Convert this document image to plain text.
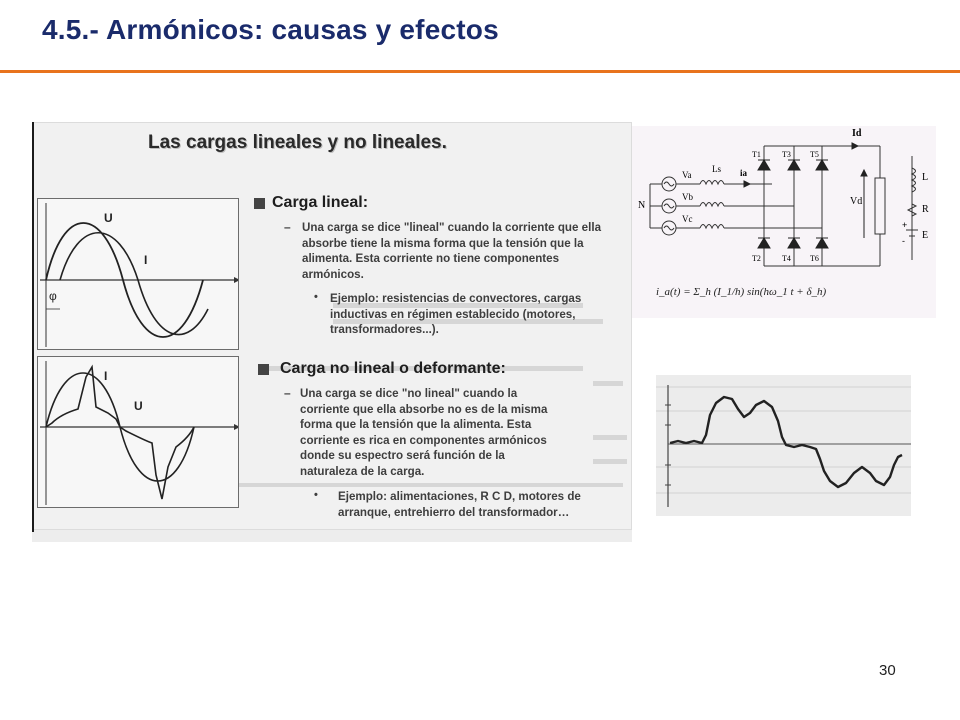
4.5.- Armónicos: causas y efectos
Las cargas lineales y no lineales.
U
I
φ
I
U
Carga lineal:
– Una carga se dice "lineal" cuando la corriente que ella absorbe tiene la misma forma que la tensión que la alimenta. Esta corriente no tiene componentes armónicos.
• Ejemplo: resistencias de convectores, cargas inductivas en régimen establecido (motores, transformadores...).
Carga no lineal o deformante:
– Una carga se dice "no lineal" cuando la corriente que ella absorbe no es de la misma forma que la tensión que la alimenta. Esta corriente es rica en componentes armónicos donde su espectro será función de la naturaleza de la carga.
• Ejemplo: alimentaciones, R C D, motores de arranque, entrehierro del transformador…
N
Va
Vb
Vc
Ls ia
T1	T3 T5
T2	T4 T6
Id
Vd
L
R
E
+
-
i_a(t) = Σ_h (I_1/h) sin(hω_1 t + δ_h)
30
